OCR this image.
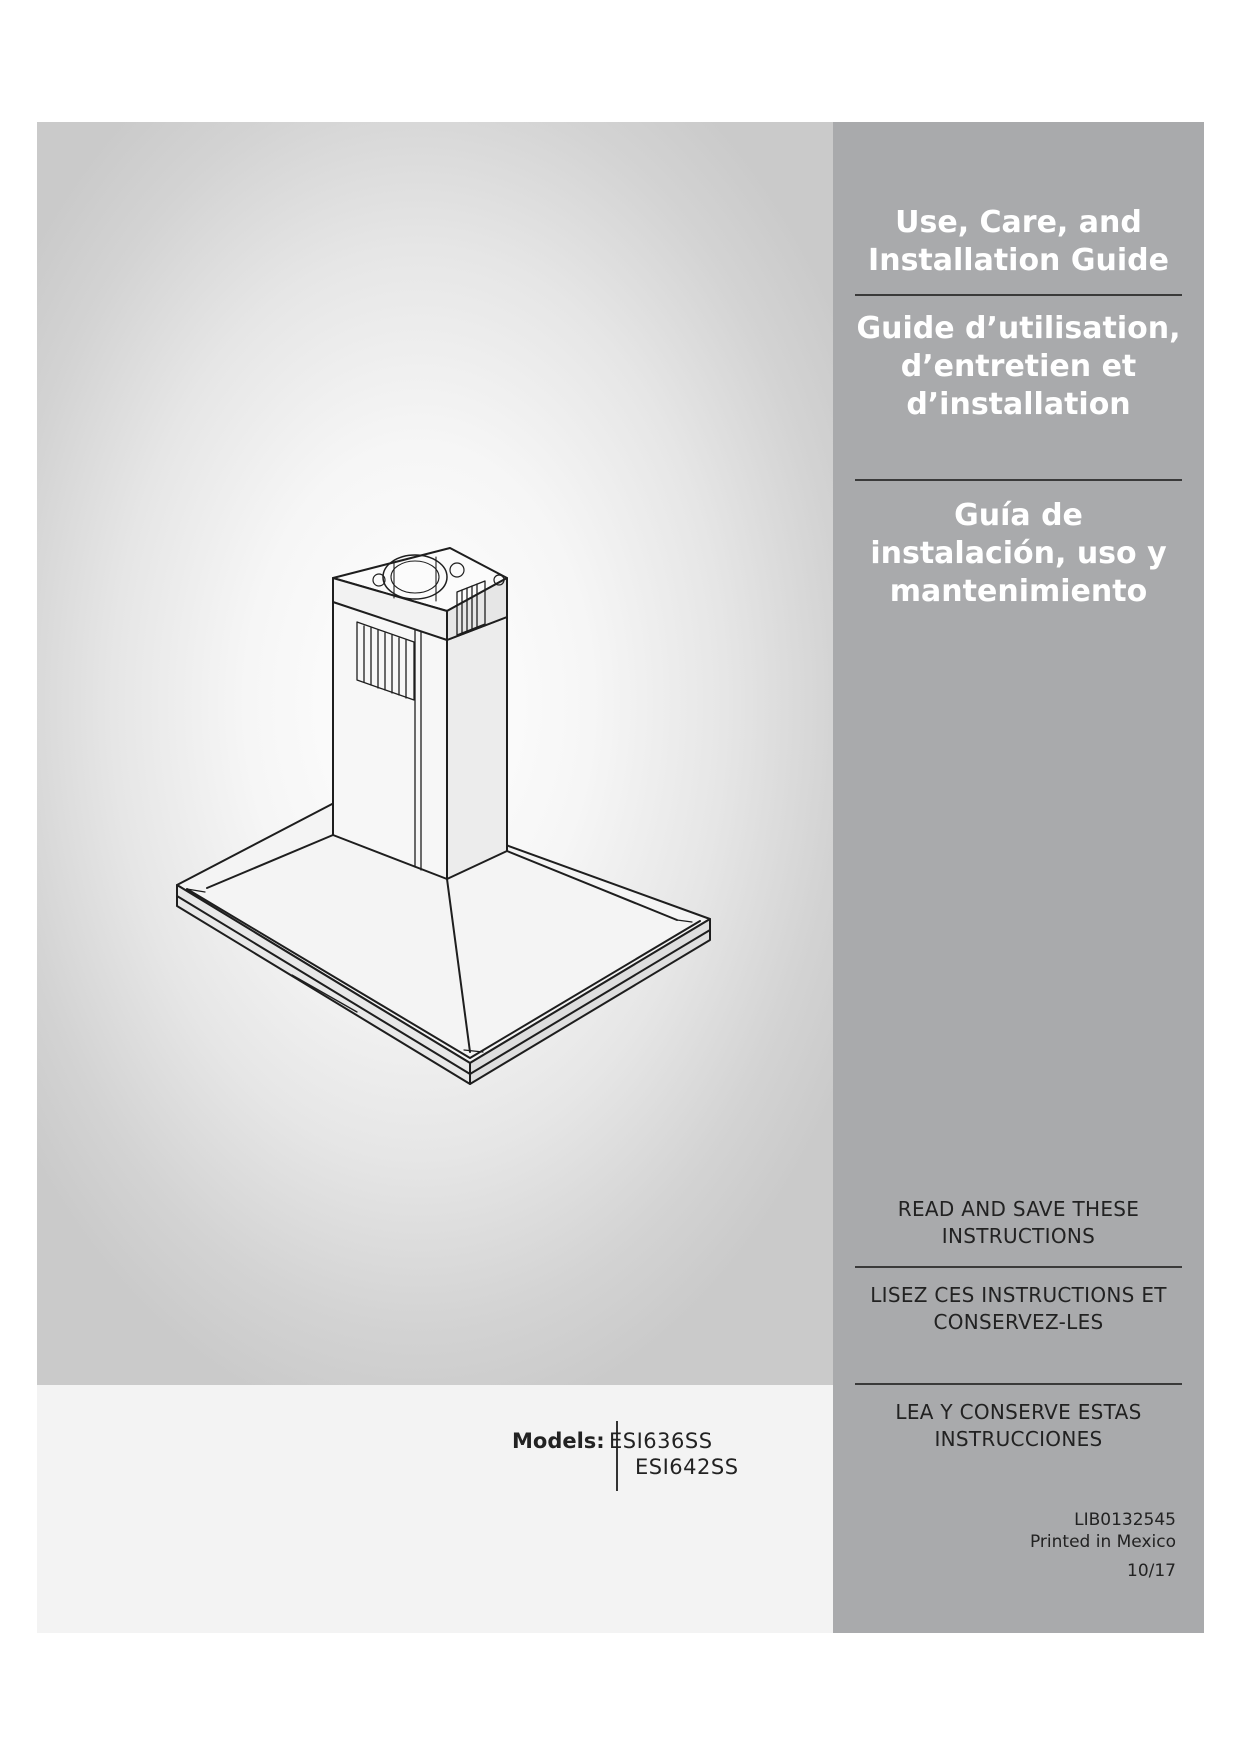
Models: ESI636SS
ESI642SS
Use, Care, and Installation Guide
Guide d’utilisation, d’entretien et d’installation
Guía de instalación, uso y mantenimiento
READ AND SAVE THESE INSTRUCTIONS
LISEZ CES INSTRUCTIONS ET CONSERVEZ-LES
LEA Y CONSERVE ESTAS INSTRUCCIONES
LIB0132545
Printed in Mexico
10/17
